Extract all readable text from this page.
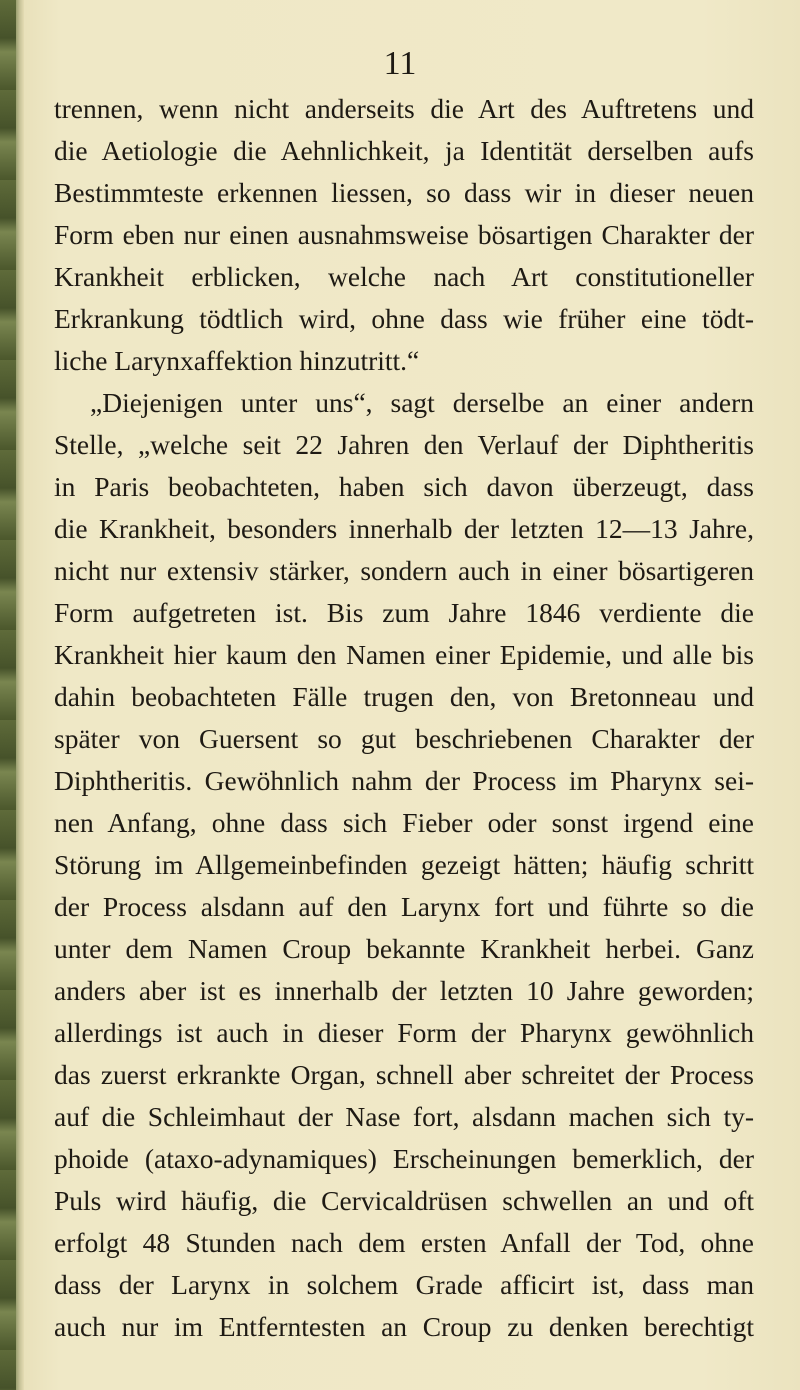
11
trennen, wenn nicht anderseits die Art des Auftretens und
die Aetiologie die Aehnlichkeit, ja Identität derselben aufs
Bestimmteste erkennen liessen, so dass wir in dieser neuen
Form eben nur einen ausnahmsweise bösartigen Charakter der
Krankheit erblicken, welche nach Art constitutioneller
Erkrankung tödtlich wird, ohne dass wie früher eine tödt-
liche Larynxaffektion hinzutritt.“
„Diejenigen unter uns“, sagt derselbe an einer andern
Stelle, „welche seit 22 Jahren den Verlauf der Diphtheritis
in Paris beobachteten, haben sich davon überzeugt, dass
die Krankheit, besonders innerhalb der letzten 12—13 Jahre,
nicht nur extensiv stärker, sondern auch in einer bösartigeren
Form aufgetreten ist. Bis zum Jahre 1846 verdiente die
Krankheit hier kaum den Namen einer Epidemie, und alle bis
dahin beobachteten Fälle trugen den, von Bretonneau und
später von Guersent so gut beschriebenen Charakter der
Diphtheritis. Gewöhnlich nahm der Process im Pharynx sei-
nen Anfang, ohne dass sich Fieber oder sonst irgend eine
Störung im Allgemeinbefinden gezeigt hätten; häufig schritt
der Process alsdann auf den Larynx fort und führte so die
unter dem Namen Croup bekannte Krankheit herbei. Ganz
anders aber ist es innerhalb der letzten 10 Jahre geworden;
allerdings ist auch in dieser Form der Pharynx gewöhnlich
das zuerst erkrankte Organ, schnell aber schreitet der Process
auf die Schleimhaut der Nase fort, alsdann machen sich ty-
phoide (ataxo-adynamiques) Erscheinungen bemerklich, der
Puls wird häufig, die Cervicaldrüsen schwellen an und oft
erfolgt 48 Stunden nach dem ersten Anfall der Tod, ohne
dass der Larynx in solchem Grade afficirt ist, dass man
auch nur im Entferntesten an Croup zu denken berechtigt
